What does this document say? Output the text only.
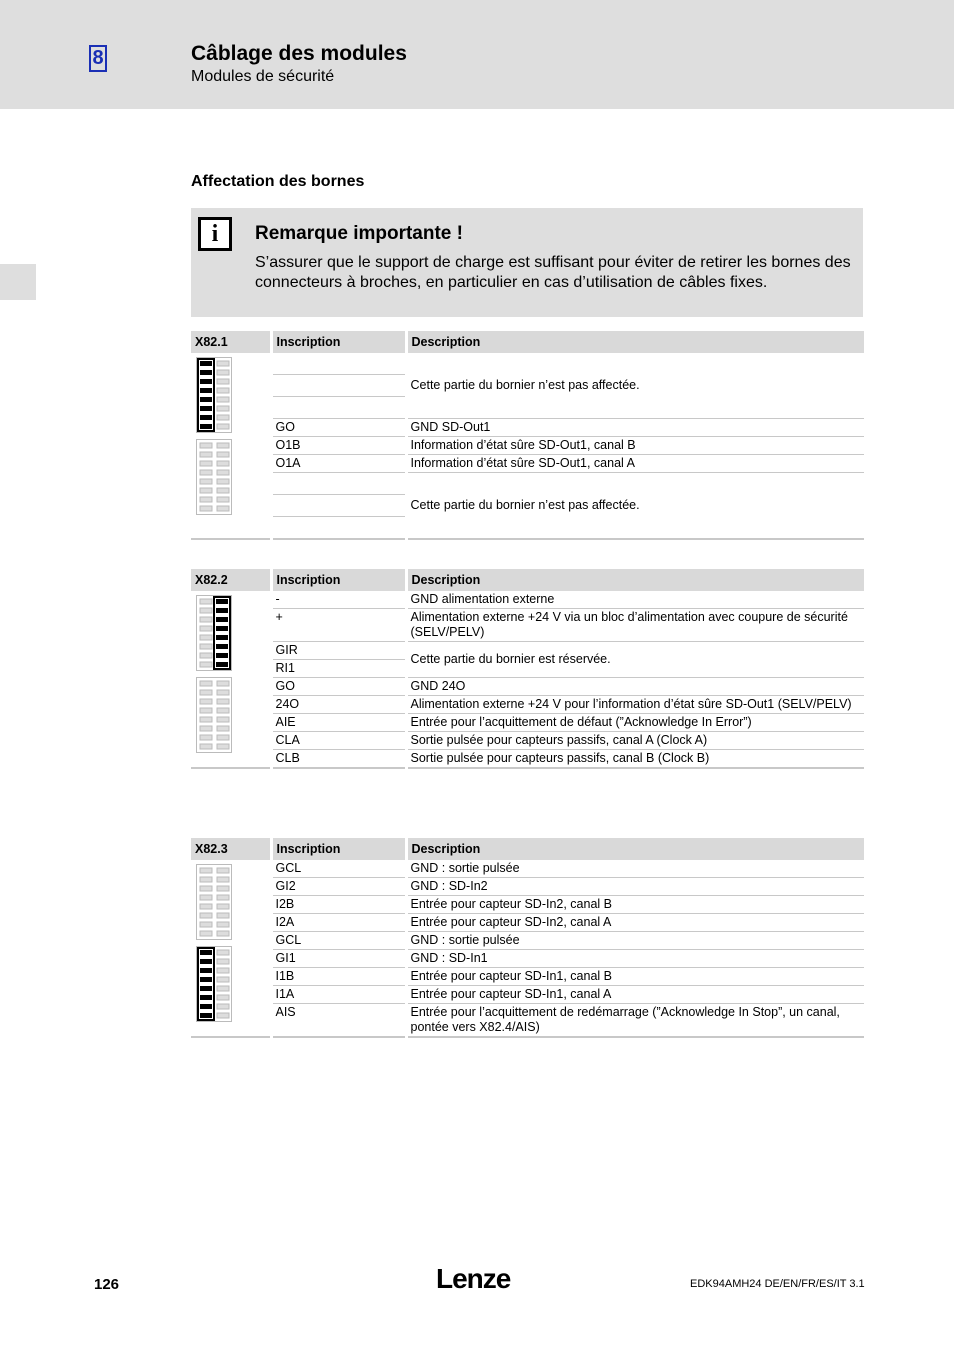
8	Câblage des modules
Modules de sécurité
Affectation des bornes
i	Remarque importante !
S’assurer que le support de charge est suffisant pour éviter de retirer les bornes des connecteurs à broches, en particulier en cas d’utilisation de câbles fixes.
X82.1	Inscription	Description

		Cette partie du bornier n’est pas affectée.

	GO	GND SD-Out1
	O1B	Information d’état sûre SD-Out1, canal B
	O1A	Information d’état sûre SD-Out1, canal A
		Cette partie du bornier n’est pas affectée.

X82.2	Inscription	Description

	-	GND alimentation externe
	+	Alimentation externe +24 V via un bloc d’alimentation avec coupure de sécurité (SELV/PELV)
	GIR	Cette partie du bornier est réservée.
	RI1	
	GO	GND 24O
	24O	Alimentation externe +24 V pour l’information d’état sûre SD-Out1 (SELV/PELV)
	AIE	Entrée pour l’acquittement de défaut (”Acknowledge In Error”)
	CLA	Sortie pulsée pour capteurs passifs, canal A (Clock A)
	CLB	Sortie pulsée pour capteurs passifs, canal B (Clock B)
X82.3	Inscription	Description

	GCL	GND : sortie pulsée
	GI2	GND : SD-In2
	I2B	Entrée pour capteur SD-In2, canal B
	I2A	Entrée pour capteur SD-In2, canal A
	GCL	GND : sortie pulsée
	GI1	GND : SD-In1
	I1B	Entrée pour capteur SD-In1, canal B
	I1A	Entrée pour capteur SD-In1, canal A
	AIS	Entrée pour l’acquittement de redémarrage (”Acknowledge In Stop”, un canal, pontée vers X82.4/AIS)
126	Lenze	EDK94AMH24 DE/EN/FR/ES/IT 3.1
